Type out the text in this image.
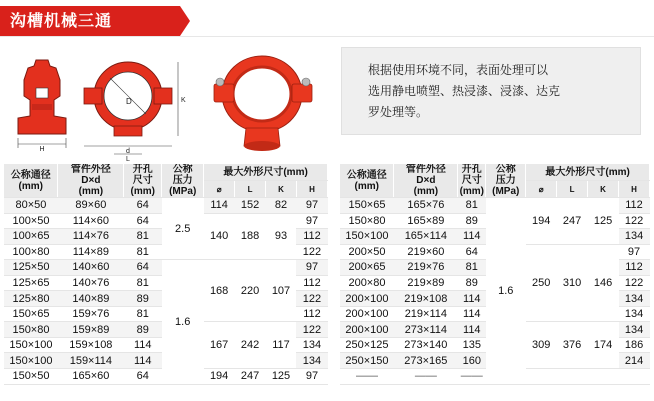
沟槽机械三通
H
D	K
d
L
根据使用环境不同，表面处理可以
选用静电喷塑、热浸漆、浸漆、达克
罗处理等。
公称通径
(mm)	管件外径
D×d
(mm)	开孔
尺寸
(mm)	公称
压力
(MPa)	最大外形尺寸(mm)			
				⌀	L	K	H
80×50	89×60	64	2.5	114	152	82	97
100×50	114×60	64		140	188	93	97
100×65	114×76	81					112
100×80	114×89	81					122
125×50	140×60	64	1.6	168	220	107	97
125×65	140×76	81					112
125×80	140×89	89					122
150×65	159×76	81					112
150×80	159×89	89		167	242	117	122
150×100	159×108	114					134
150×100	159×114	114					134
150×50	165×60	64		194	247	125	97
公称通径
(mm)	管件外径
D×d
(mm)	开孔
尺寸
(mm)	公称
压力
(MPa)	最大外形尺寸(mm)			
				⌀	L	K	H
150×65	165×76	81	1.6	194	247	125	112
150×80	165×89	89					122
150×100	165×114	114					134
200×50	219×60	64		250	310	146	97
200×65	219×76	81					112
200×80	219×89	89					122
200×100	219×108	114					134
200×100	219×114	114					134
200×100	273×114	114		309	376	174	134
250×125	273×140	135					186
250×150	273×165	160					214
——	——	——					
